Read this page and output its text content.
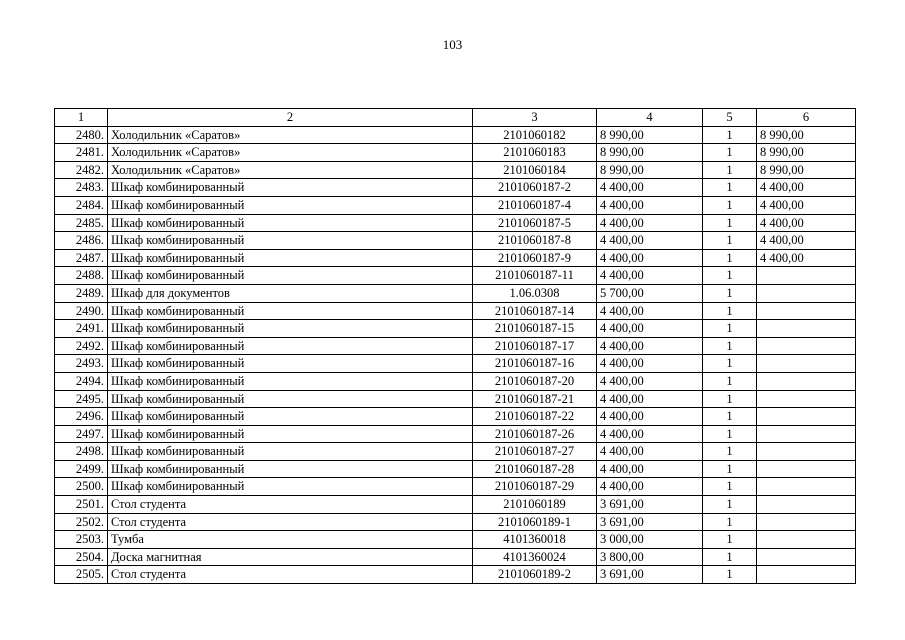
103
1	2	3	4	5	6
2480.	Холодильник «Саратов»	2101060182	8 990,00	1	8 990,00
2481.	Холодильник «Саратов»	2101060183	8 990,00	1	8 990,00
2482.	Холодильник «Саратов»	2101060184	8 990,00	1	8 990,00
2483.	Шкаф комбинированный	2101060187-2	4 400,00	1	4 400,00
2484.	Шкаф комбинированный	2101060187-4	4 400,00	1	4 400,00
2485.	Шкаф комбинированный	2101060187-5	4 400,00	1	4 400,00
2486.	Шкаф комбинированный	2101060187-8	4 400,00	1	4 400,00
2487.	Шкаф комбинированный	2101060187-9	4 400,00	1	4 400,00
2488.	Шкаф комбинированный	2101060187-11	4 400,00	1	
2489.	Шкаф для документов	1.06.0308	5 700,00	1	
2490.	Шкаф комбинированный	2101060187-14	4 400,00	1	
2491.	Шкаф комбинированный	2101060187-15	4 400,00	1	
2492.	Шкаф комбинированный	2101060187-17	4 400,00	1	
2493.	Шкаф комбинированный	2101060187-16	4 400,00	1	
2494.	Шкаф комбинированный	2101060187-20	4 400,00	1	
2495.	Шкаф комбинированный	2101060187-21	4 400,00	1	
2496.	Шкаф комбинированный	2101060187-22	4 400,00	1	
2497.	Шкаф комбинированный	2101060187-26	4 400,00	1	
2498.	Шкаф комбинированный	2101060187-27	4 400,00	1	
2499.	Шкаф комбинированный	2101060187-28	4 400,00	1	
2500.	Шкаф комбинированный	2101060187-29	4 400,00	1	
2501.	Стол студента	2101060189	3 691,00	1	
2502.	Стол студента	2101060189-1	3 691,00	1	
2503.	Тумба	4101360018	3 000,00	1	
2504.	Доска магнитная	4101360024	3 800,00	1	
2505.	Стол студента	2101060189-2	3 691,00	1	
